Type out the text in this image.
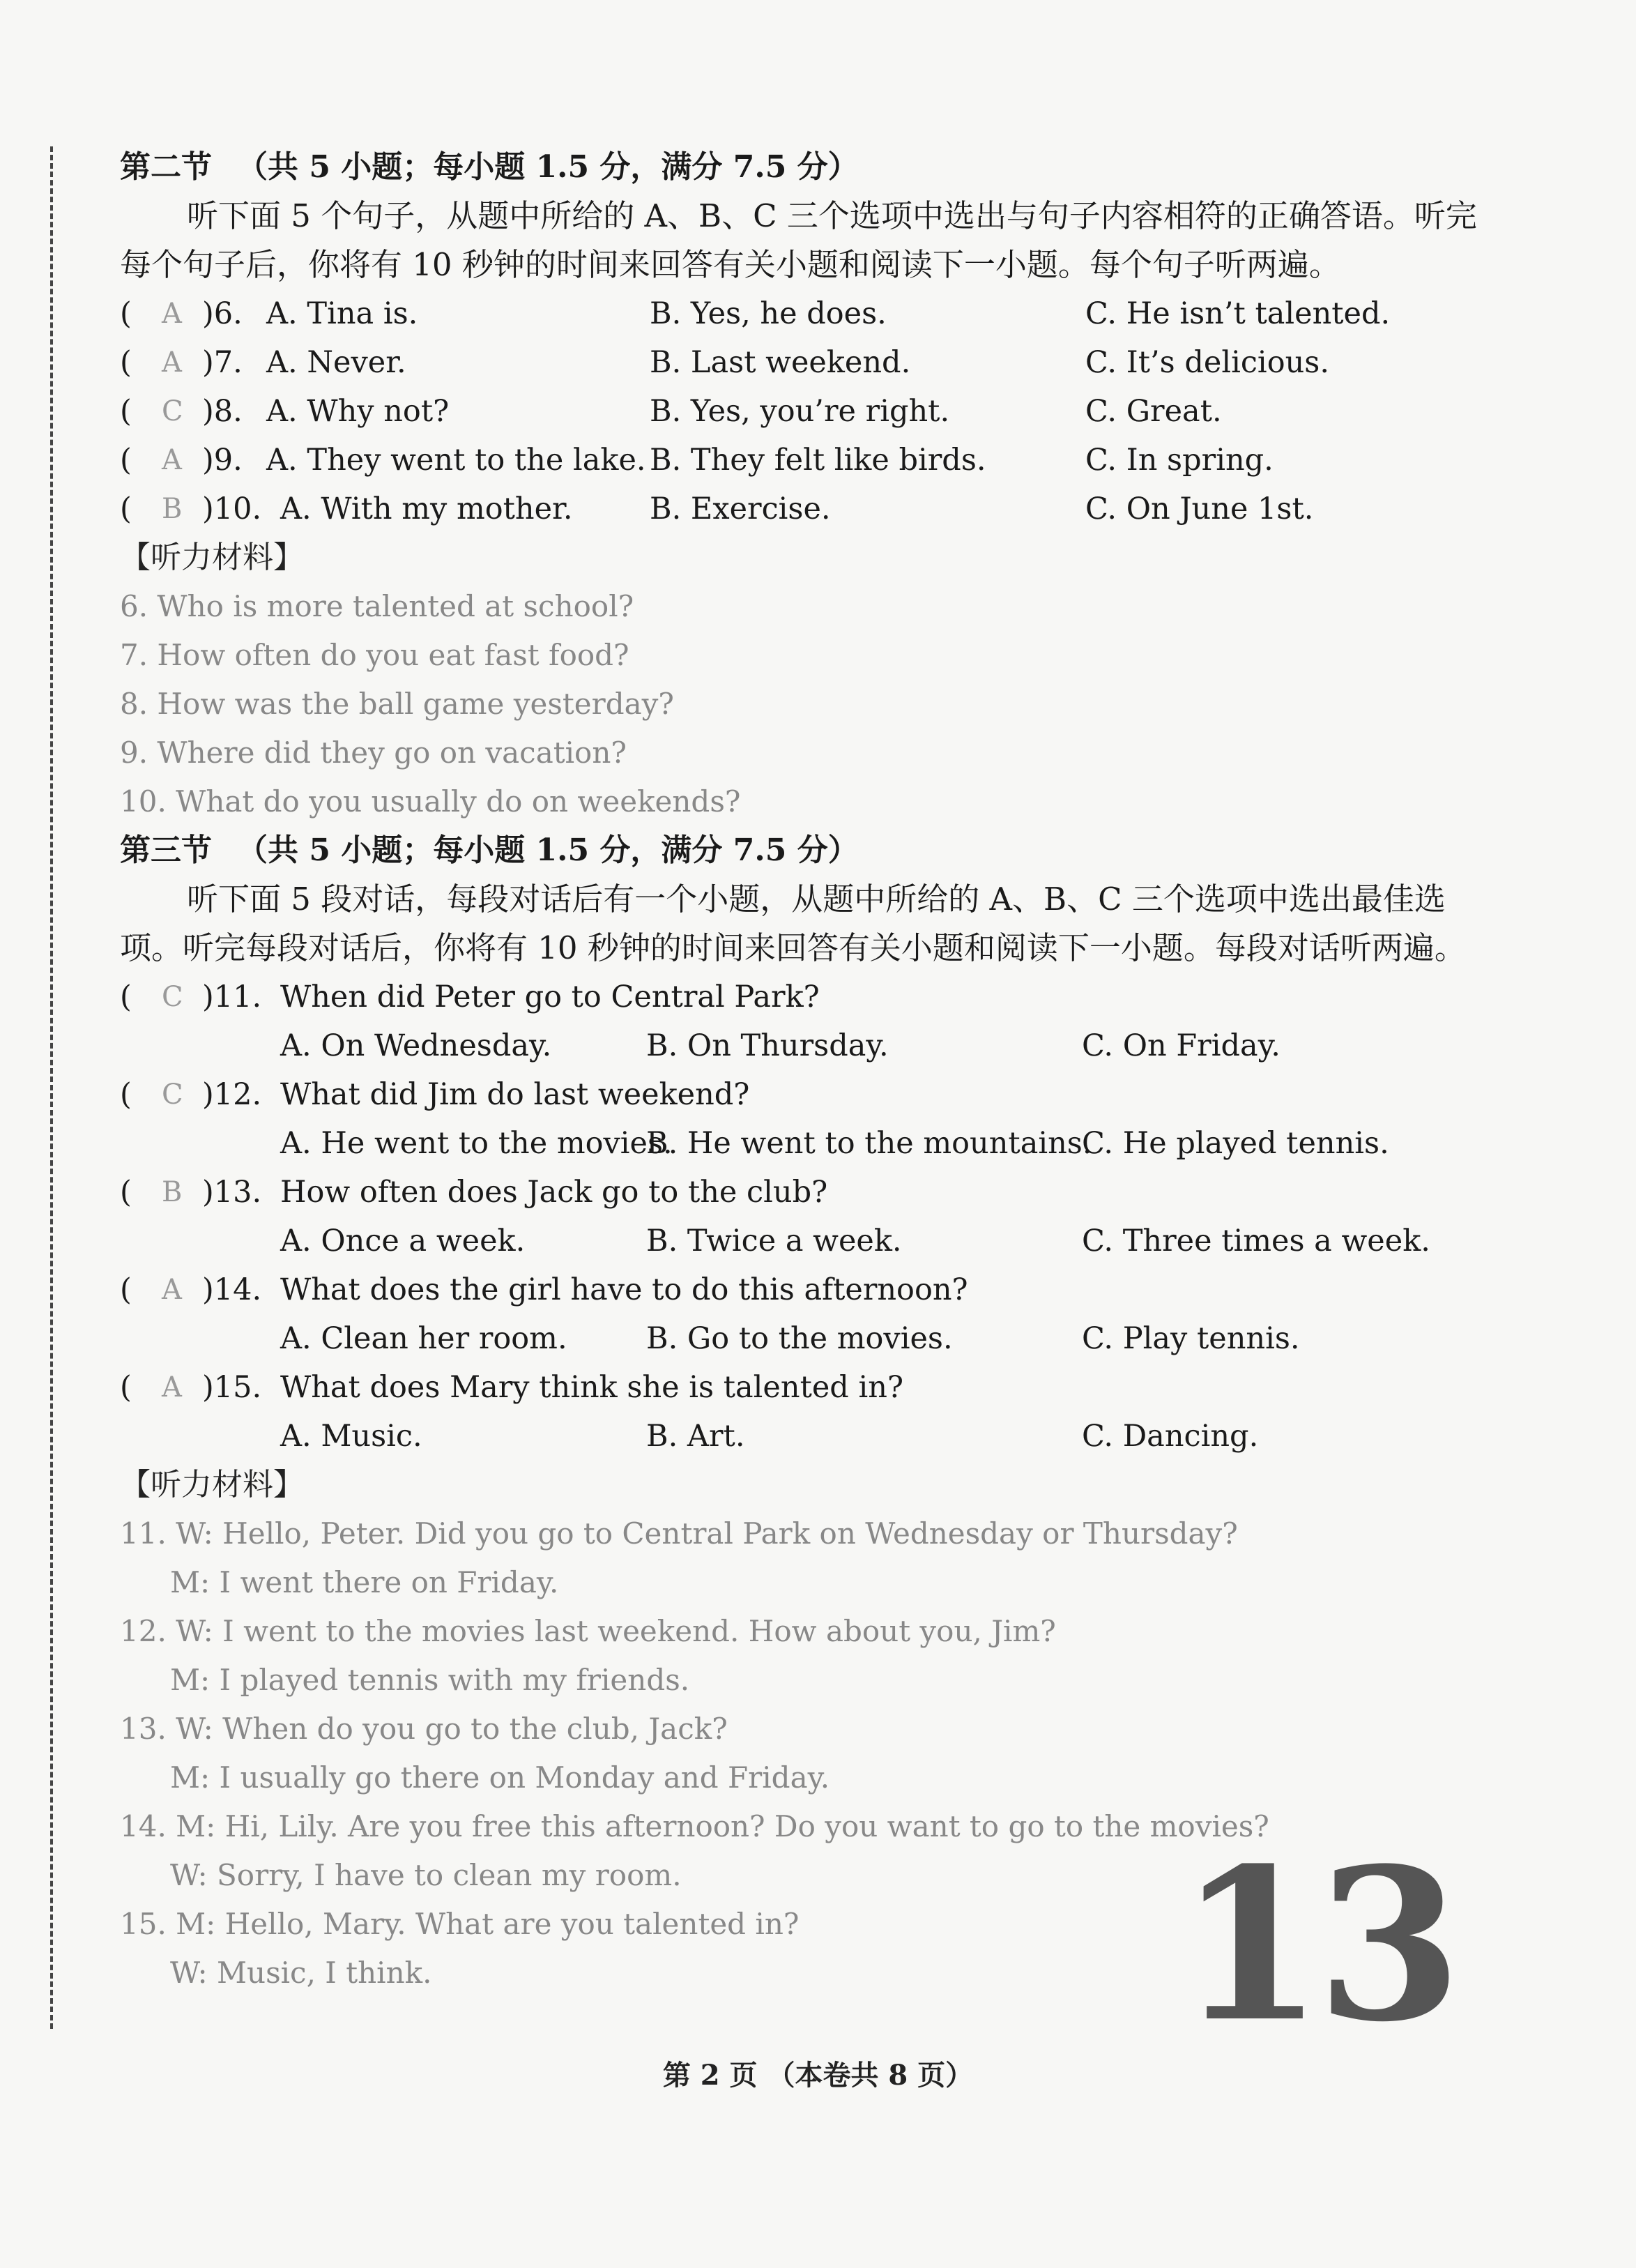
第二节 （共 5 小题；每小题 1.5 分，满分 7.5 分）

听下面 5 个句子，从题中所给的 A、B、C 三个选项中选出与句子内容相符的正确答语。听完每个句子后，你将有 10 秒钟的时间来回答有关小题和阅读下一小题。每个句子听两遍。

( A )6. A. Tina is.	B. Yes, he does.	C. He isn’t talented.
( A )7. A. Never.	B. Last weekend.	C. It’s delicious.
( C )8. A. Why not?	B. Yes, you’re right.	C. Great.
( A )9. A. They went to the lake. B. They felt like birds.	C. In spring.
( B )10. A. With my mother.	B. Exercise.	C. On June 1st.
【听力材料】
6. Who is more talented at school?
7. How often do you eat fast food?
8. How was the ball game yesterday?
9. Where did they go on vacation?
10. What do you usually do on weekends?
第三节 （共 5 小题；每小题 1.5 分，满分 7.5 分）

听下面 5 段对话，每段对话后有一个小题，从题中所给的 A、B、C 三个选项中选出最佳选项。听完每段对话后，你将有 10 秒钟的时间来回答有关小题和阅读下一小题。每段对话听两遍。

( C )11. When did Peter go to Central Park?
A. On Wednesday.	B. On Thursday.	C. On Friday.
( C )12. What did Jim do last weekend?
A. He went to the movies.
B. He went to the mountains.
C. He played tennis.
( B )13. How often does Jack go to the club?
A. Once a week.	B. Twice a week.	C. Three times a week.
( A )14. What does the girl have to do this afternoon?
A. Clean her room.	B. Go to the movies.	C. Play tennis.
( A )15. What does Mary think she is talented in?
A. Music.	B. Art.	C. Dancing.
【听力材料】
11. W: Hello, Peter. Did you go to Central Park on Wednesday or Thursday?
M: I went there on Friday.
12. W: I went to the movies last weekend. How about you, Jim?
M: I played tennis with my friends.
13. W: When do you go to the club, Jack?
M: I usually go there on Monday and Friday.
14. M: Hi, Lily. Are you free this afternoon? Do you want to go to the movies?
W: Sorry, I have to clean my room.
15. M: Hello, Mary. What are you talented in?
W: Music, I think.	13
第 2 页 （本卷共 8 页）
